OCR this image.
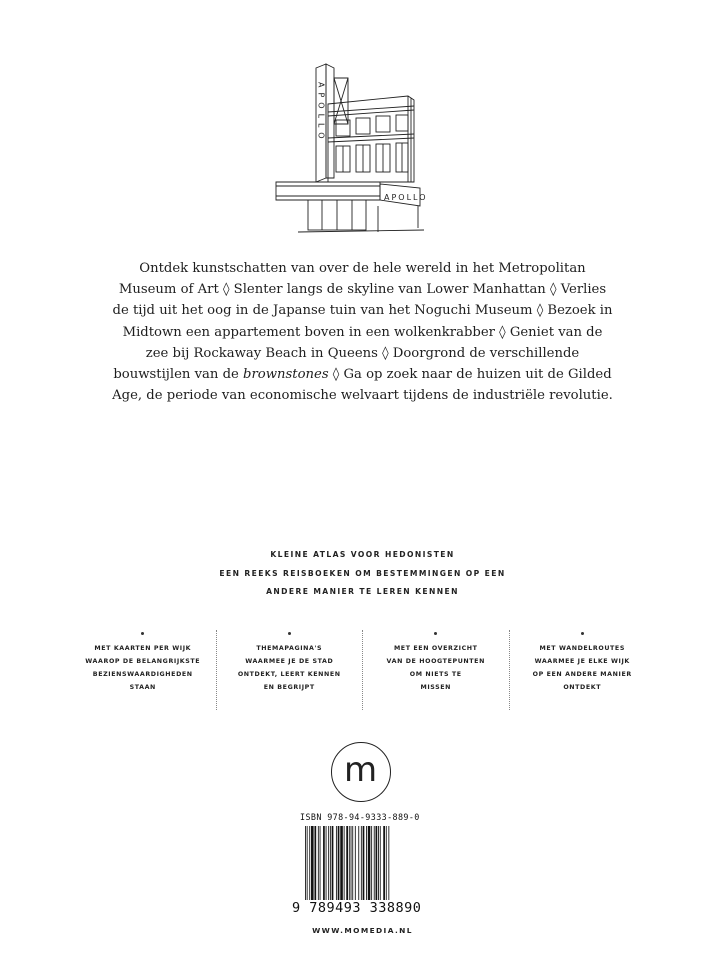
APOLLO
APOLLO
Ontdek kunstschatten van over de hele wereld in het Metropolitan Museum of Art ◊ Slenter langs de skyline van Lower Manhattan ◊ Verlies de tijd uit het oog in de Japanse tuin van het Noguchi Museum ◊ Bezoek in Midtown een appartement boven in een wolkenkrabber ◊ Geniet van de zee bij Rockaway Beach in Queens ◊ Doorgrond de verschillende bouwstijlen van de brownstones ◊ Ga op zoek naar de huizen uit de Gilded Age, de periode van economische welvaart tijdens de industriële revolutie.
KLEINE ATLAS VOOR HEDONISTEN
EEN REEKS REISBOEKEN OM BESTEMMINGEN OP EEN
ANDERE MANIER TE LEREN KENNEN
MET KAARTEN PER WIJK
WAAROP DE BELANGRIJKSTE
BEZIENSWAARDIGHEDEN
STAAN
THEMAPAGINA'S
WAARMEE JE DE STAD
ONTDEKT, LEERT KENNEN
EN BEGRIJPT
MET EEN OVERZICHT
VAN DE HOOGTEPUNTEN
OM NIETS TE
MISSEN
MET WANDELROUTES
WAARMEE JE ELKE WIJK
OP EEN ANDERE MANIER
ONTDEKT
m
ISBN 978-94-9333-889-0
9 789493 338890
WWW.MOMEDIA.NL
